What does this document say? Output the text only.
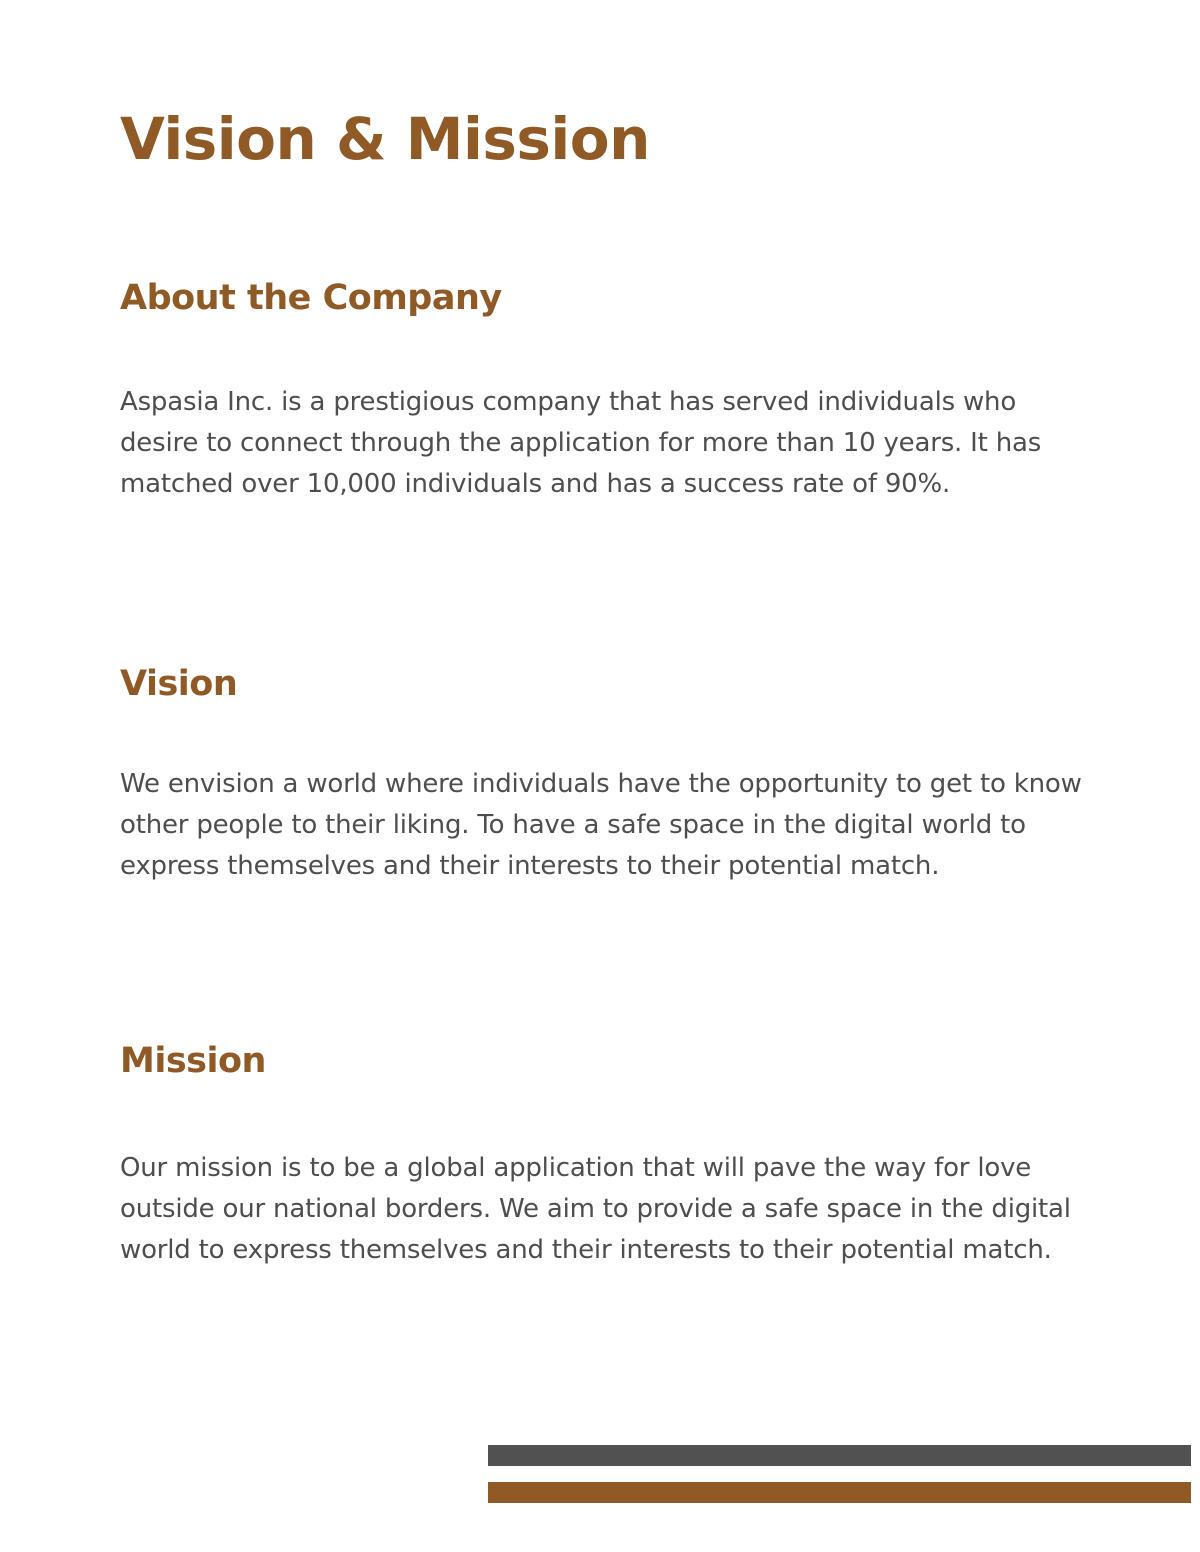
Vision & Mission
About the Company

Aspasia Inc. is a prestigious company that has served individuals who desire to connect through the application for more than 10 years. It has matched over 10,000 individuals and has a success rate of 90%.

Vision

We envision a world where individuals have the opportunity to get to know other people to their liking. To have a safe space in the digital world to express themselves and their interests to their potential match.

Mission

Our mission is to be a global application that will pave the way for love outside our national borders. We aim to provide a safe space in the digital world to express themselves and their interests to their potential match.
